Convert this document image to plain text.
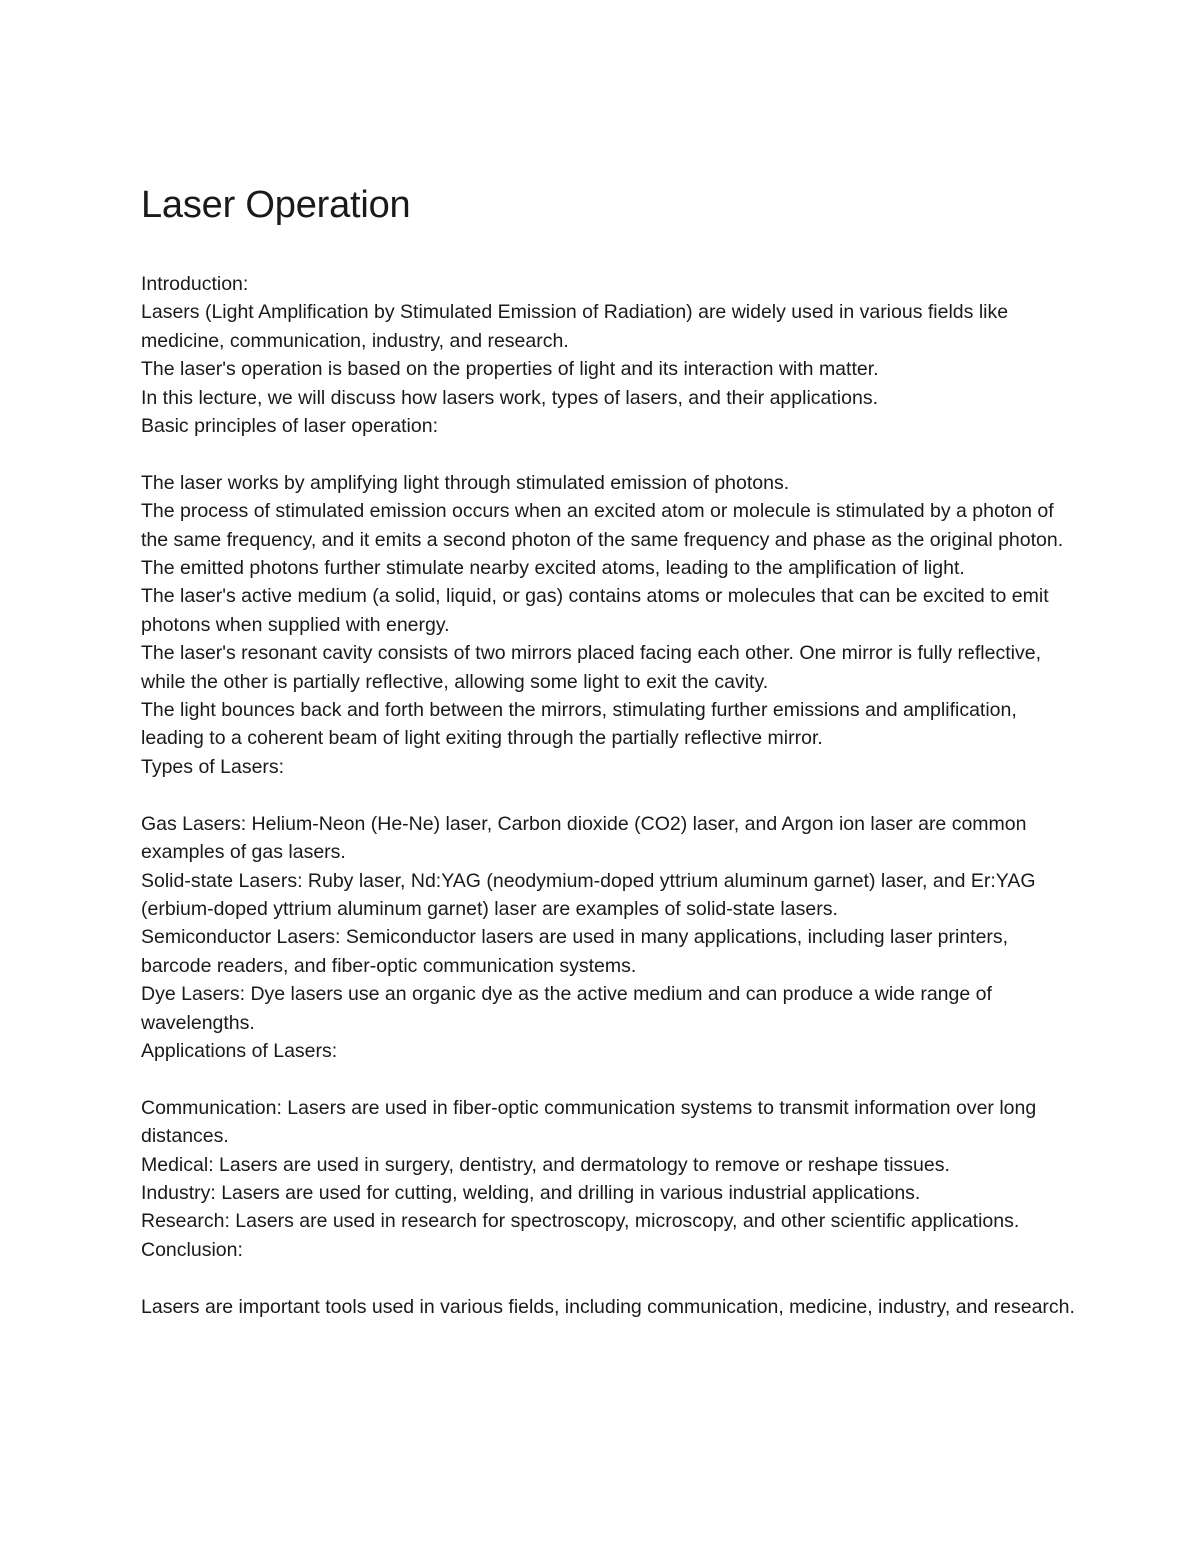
Laser Operation

Introduction:

Lasers (Light Amplification by Stimulated Emission of Radiation) are widely used in various fields like medicine, communication, industry, and research.

The laser's operation is based on the properties of light and its interaction with matter.

In this lecture, we will discuss how lasers work, types of lasers, and their applications.

Basic principles of laser operation:

The laser works by amplifying light through stimulated emission of photons.

The process of stimulated emission occurs when an excited atom or molecule is stimulated by a photon of the same frequency, and it emits a second photon of the same frequency and phase as the original photon.

The emitted photons further stimulate nearby excited atoms, leading to the amplification of light.

The laser's active medium (a solid, liquid, or gas) contains atoms or molecules that can be excited to emit photons when supplied with energy.

The laser's resonant cavity consists of two mirrors placed facing each other. One mirror is fully reflective, while the other is partially reflective, allowing some light to exit the cavity.

The light bounces back and forth between the mirrors, stimulating further emissions and amplification, leading to a coherent beam of light exiting through the partially reflective mirror.

Types of Lasers:

Gas Lasers: Helium-Neon (He-Ne) laser, Carbon dioxide (CO2) laser, and Argon ion laser are common examples of gas lasers.

Solid-state Lasers: Ruby laser, Nd:YAG (neodymium-doped yttrium aluminum garnet) laser, and Er:YAG (erbium-doped yttrium aluminum garnet) laser are examples of solid-state lasers.

Semiconductor Lasers: Semiconductor lasers are used in many applications, including laser printers, barcode readers, and fiber-optic communication systems.

Dye Lasers: Dye lasers use an organic dye as the active medium and can produce a wide range of wavelengths.

Applications of Lasers:

Communication: Lasers are used in fiber-optic communication systems to transmit information over long distances.

Medical: Lasers are used in surgery, dentistry, and dermatology to remove or reshape tissues.

Industry: Lasers are used for cutting, welding, and drilling in various industrial applications.

Research: Lasers are used in research for spectroscopy, microscopy, and other scientific applications.

Conclusion:

Lasers are important tools used in various fields, including communication, medicine, industry, and research.
